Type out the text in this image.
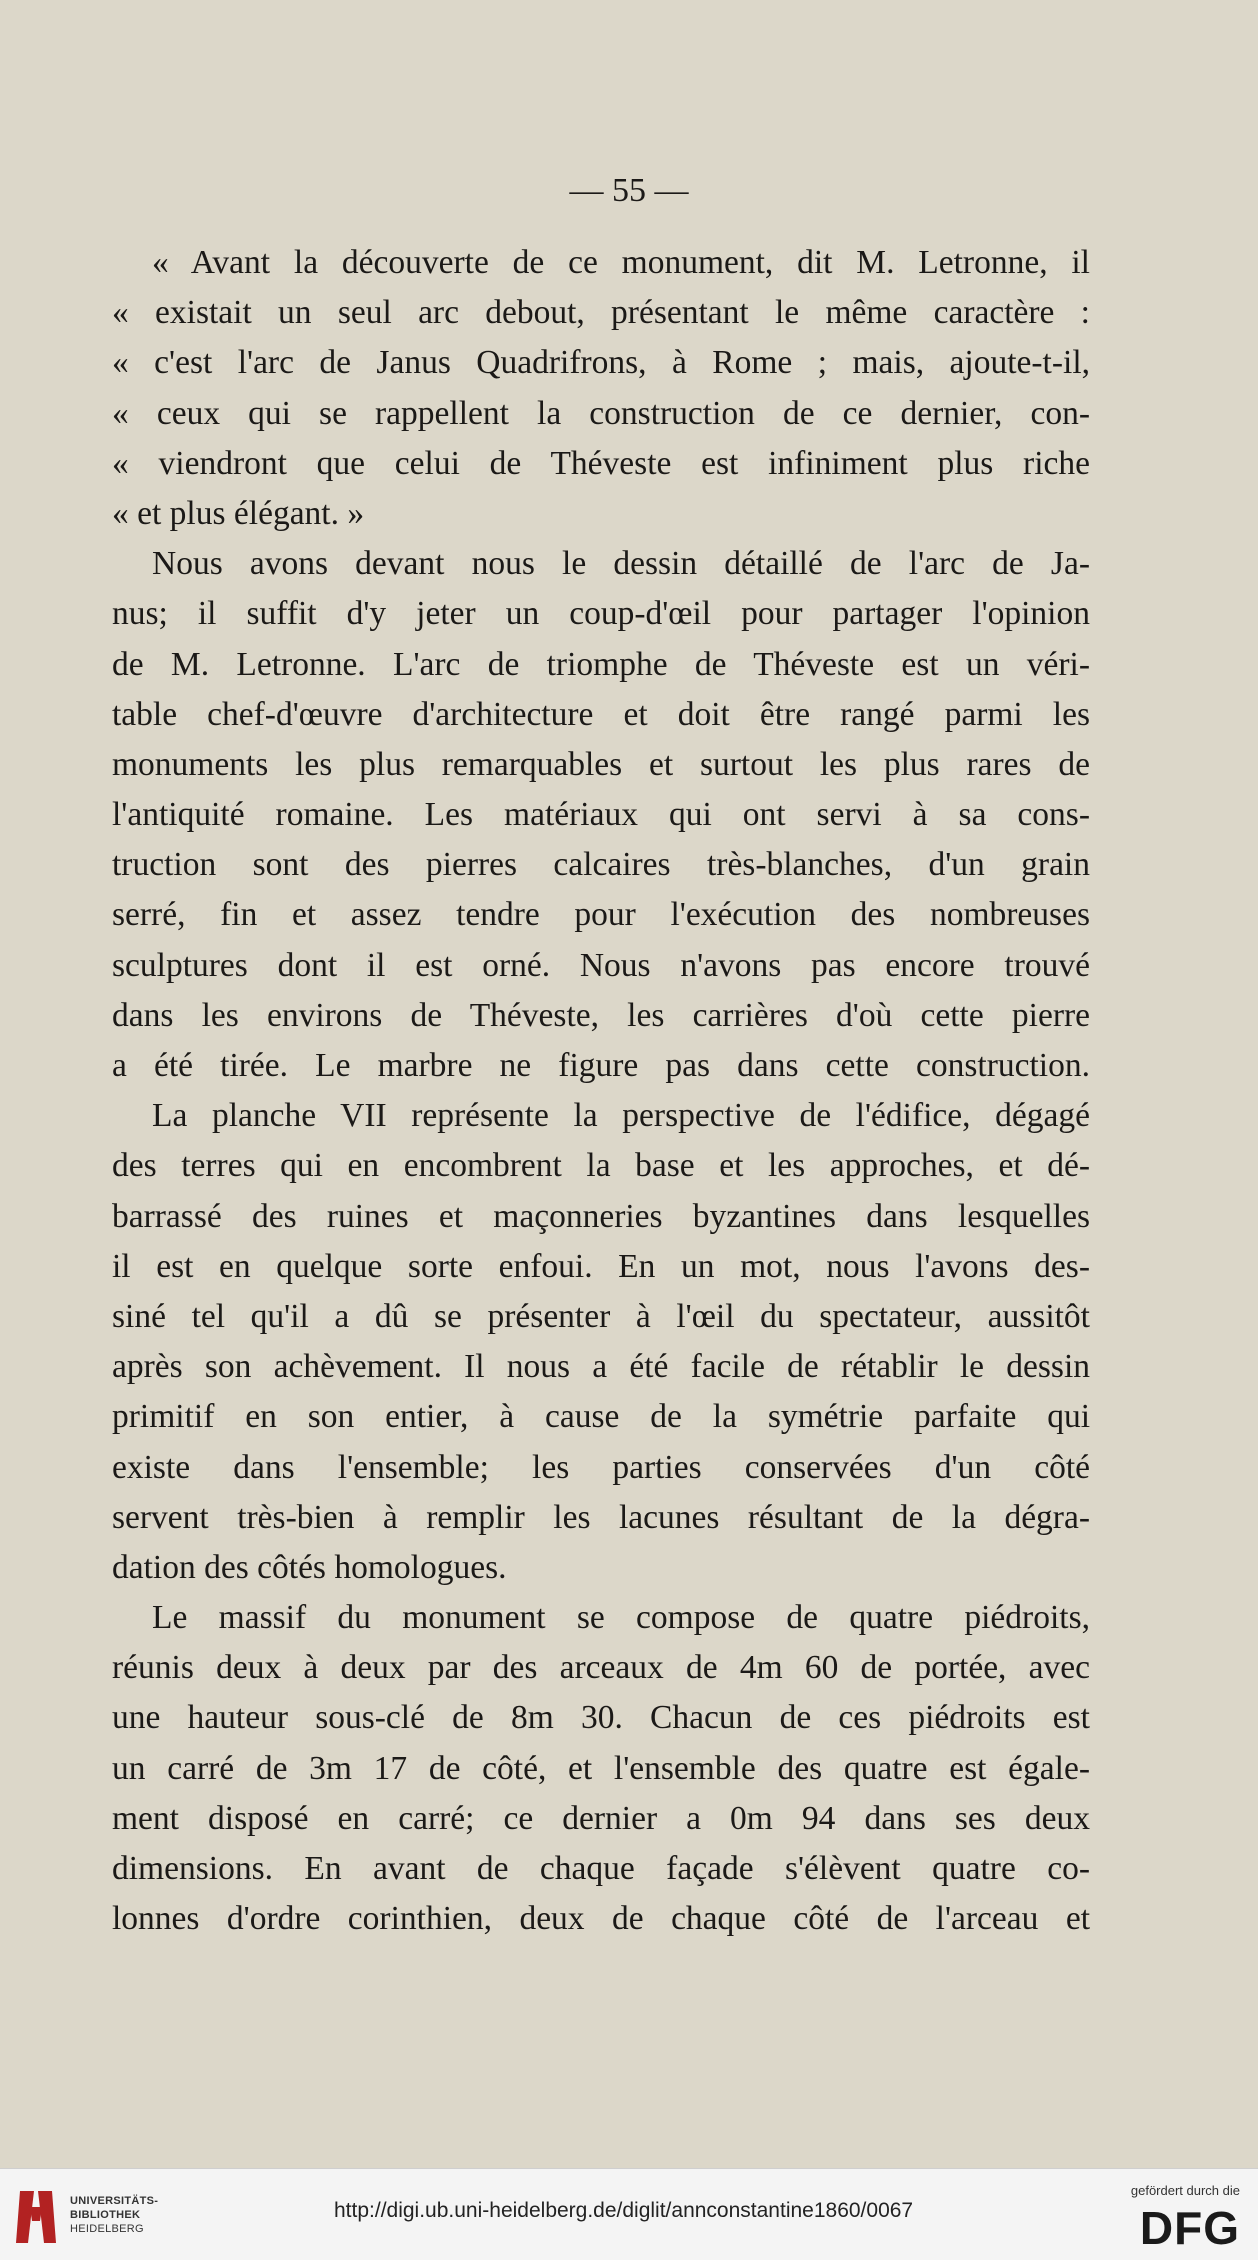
— 55 —
« Avant la découverte de ce monument, dit M. Letronne, il
« existait un seul arc debout, présentant le même caractère :
« c'est l'arc de Janus Quadrifrons, à Rome ; mais, ajoute-t-il,
« ceux qui se rappellent la construction de ce dernier, con-
« viendront que celui de Théveste est infiniment plus riche
« et plus élégant. »
Nous avons devant nous le dessin détaillé de l'arc de Ja-
nus; il suffit d'y jeter un coup-d'œil pour partager l'opinion
de M. Letronne. L'arc de triomphe de Théveste est un véri-
table chef-d'œuvre d'architecture et doit être rangé parmi les
monuments les plus remarquables et surtout les plus rares de
l'antiquité romaine. Les matériaux qui ont servi à sa cons-
truction sont des pierres calcaires très-blanches, d'un grain
serré, fin et assez tendre pour l'exécution des nombreuses
sculptures dont il est orné. Nous n'avons pas encore trouvé
dans les environs de Théveste, les carrières d'où cette pierre
a été tirée. Le marbre ne figure pas dans cette construction.
La planche VII représente la perspective de l'édifice, dégagé
des terres qui en encombrent la base et les approches, et dé-
barrassé des ruines et maçonneries byzantines dans lesquelles
il est en quelque sorte enfoui. En un mot, nous l'avons des-
siné tel qu'il a dû se présenter à l'œil du spectateur, aussitôt
après son achèvement. Il nous a été facile de rétablir le dessin
primitif en son entier, à cause de la symétrie parfaite qui
existe dans l'ensemble; les parties conservées d'un côté
servent très-bien à remplir les lacunes résultant de la dégra-
dation des côtés homologues.
Le massif du monument se compose de quatre piédroits,
réunis deux à deux par des arceaux de 4m 60 de portée, avec
une hauteur sous-clé de 8m 30. Chacun de ces piédroits est
un carré de 3m 17 de côté, et l'ensemble des quatre est égale-
ment disposé en carré; ce dernier a 0m 94 dans ses deux
dimensions. En avant de chaque façade s'élèvent quatre co-
lonnes d'ordre corinthien, deux de chaque côté de l'arceau et
UNIVERSITÄTS-
BIBLIOTHEK
HEIDELBERG
http://digi.ub.uni-heidelberg.de/diglit/annconstantine1860/0067
gefördert durch die
DFG
